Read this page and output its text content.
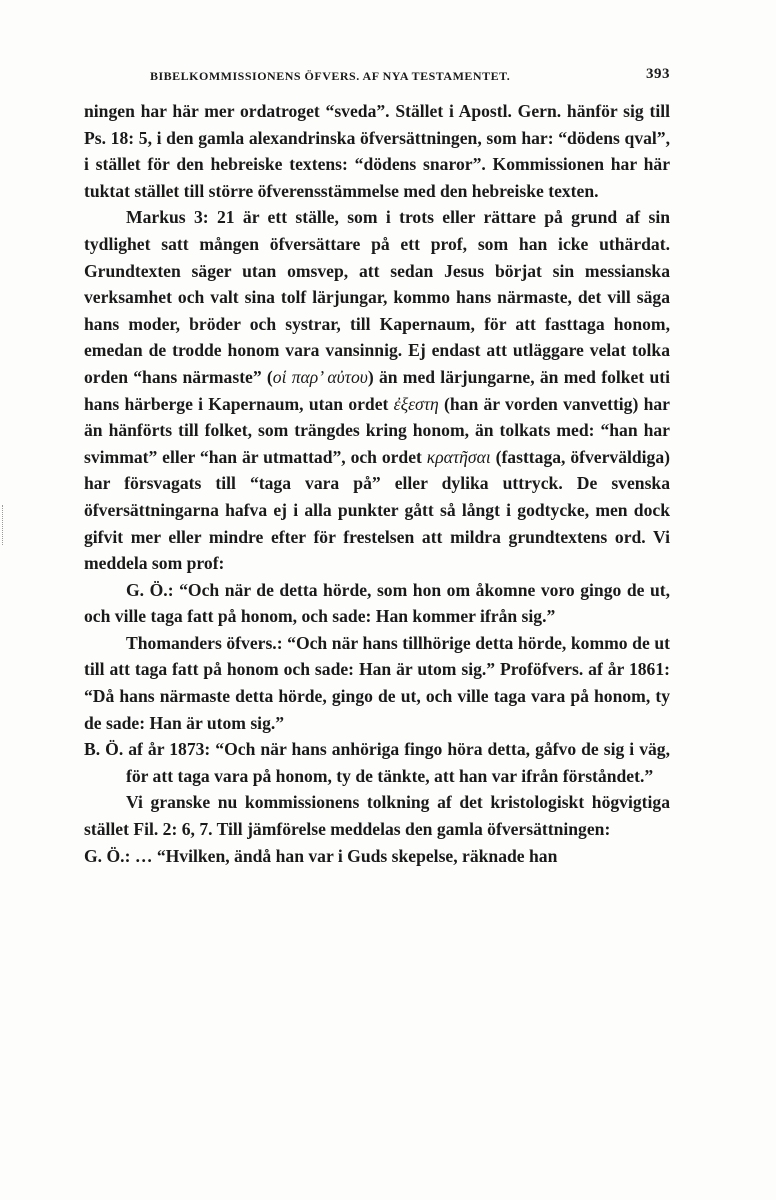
BIBELKOMMISSIONENS ÖFVERS. AF NYA TESTAMENTET.	393

ningen har här mer ordatroget “sveda”. Stället i Apostl. Gern. hänför sig till Ps. 18: 5, i den gamla alexandrinska öfversättningen, som har: “dödens qval”, i stället för den hebreiske textens: “dödens snaror”. Kommissionen har här tuktat stället till större öfverensstämmelse med den hebreiske texten.

Markus 3: 21 är ett ställe, som i trots eller rättare på grund af sin tydlighet satt mången öfversättare på ett prof, som han icke uthärdat. Grundtexten säger utan omsvep, att sedan Jesus börjat sin messianska verksamhet och valt sina tolf lärjungar, kommo hans närmaste, det vill säga hans moder, bröder och systrar, till Kapernaum, för att fasttaga honom, emedan de trodde honom vara vansinnig. Ej endast att utläggare velat tolka orden “hans närmaste” (οἱ παρ’ αὐτου) än med lärjungarne, än med folket uti hans härberge i Kapernaum, utan ordet ἐξεστη (han är vorden vanvettig) har än hänförts till folket, som trängdes kring honom, än tolkats med: “han har svimmat” eller “han är utmattad”, och ordet κρατῆσαι (fasttaga, öfverväldiga) har försvagats till “taga vara på” eller dylika uttryck. De svenska öfversättningarna hafva ej i alla punkter gått så långt i godtycke, men dock gifvit mer eller mindre efter för frestelsen att mildra grundtextens ord. Vi meddela som prof:

G. Ö.: “Och när de detta hörde, som hon om åkomne voro gingo de ut, och ville taga fatt på honom, och sade: Han kommer ifrån sig.”

Thomanders öfvers.: “Och när hans tillhörige detta hörde, kommo de ut till att taga fatt på honom och sade: Han är utom sig.” Proföfvers. af år 1861: “Då hans närmaste detta hörde, gingo de ut, och ville taga vara på honom, ty de sade: Han är utom sig.”

B. Ö. af år 1873: “Och när hans anhöriga fingo höra detta, gåfvo de sig i väg, för att taga vara på honom, ty de tänkte, att han var ifrån förståndet.”

Vi granske nu kommissionens tolkning af det kristologiskt högvigtiga stället Fil. 2: 6, 7. Till jämförelse meddelas den gamla öfversättningen:

G. Ö.: … “Hvilken, ändå han var i Guds skepelse, räknade han
